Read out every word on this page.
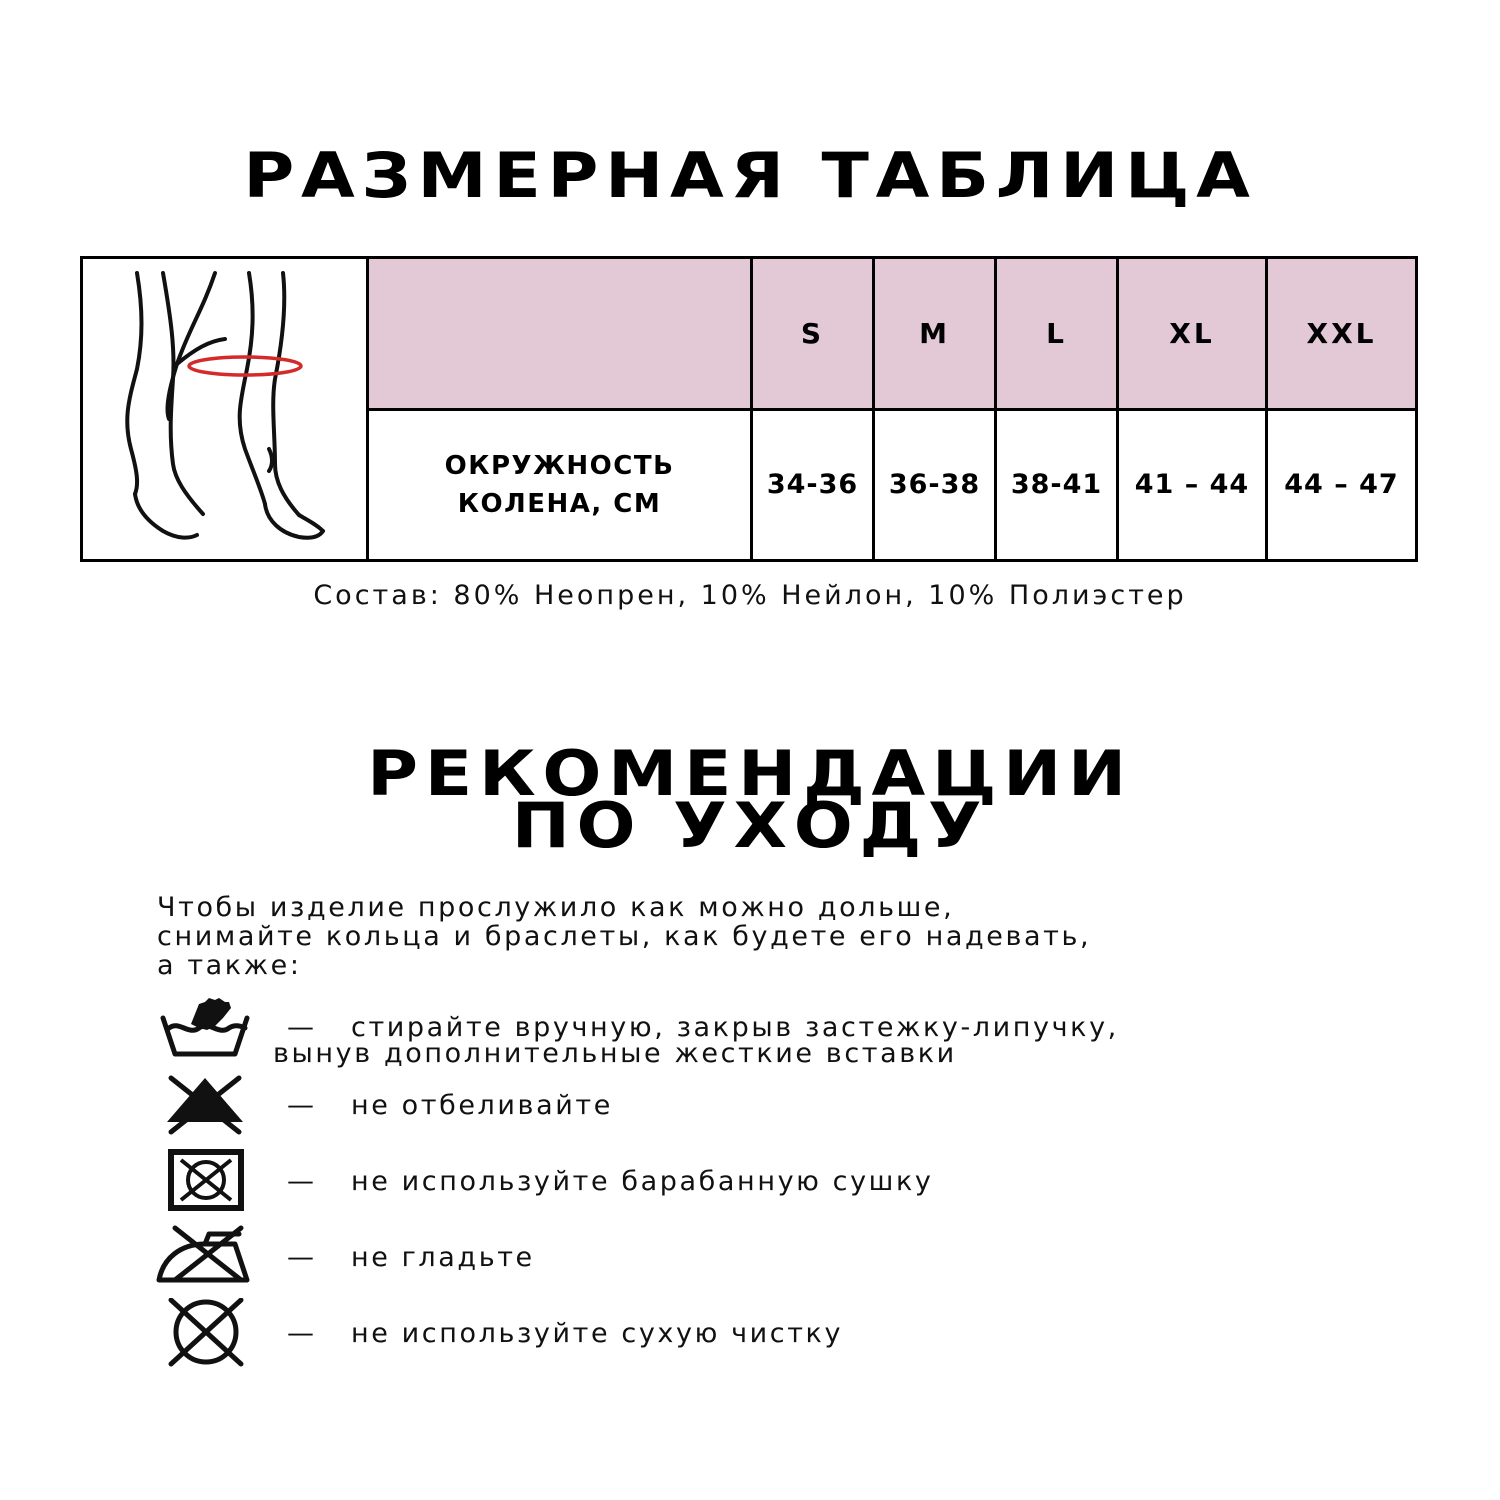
РАЗМЕРНАЯ ТАБЛИЦА
		S	M	L	XL	XXL

	ОКРУЖНОСТЬ
КОЛЕНА, СМ	34-36	36-38	38-41	41 – 44	44 – 47
Состав: 80% Неопрен, 10% Нейлон, 10% Полиэстер
РЕКОМЕНДАЦИИ
ПО УХОДУ
Чтобы изделие прослужило как можно дольше,
снимайте кольца и браслеты, как будете его надевать,
а также:
— стирайте вручную, закрыв застежку-липучку,
вынув дополнительные жесткие вставки
— не отбеливайте
— не используйте барабанную сушку
— не гладьте
— не используйте сухую чистку
